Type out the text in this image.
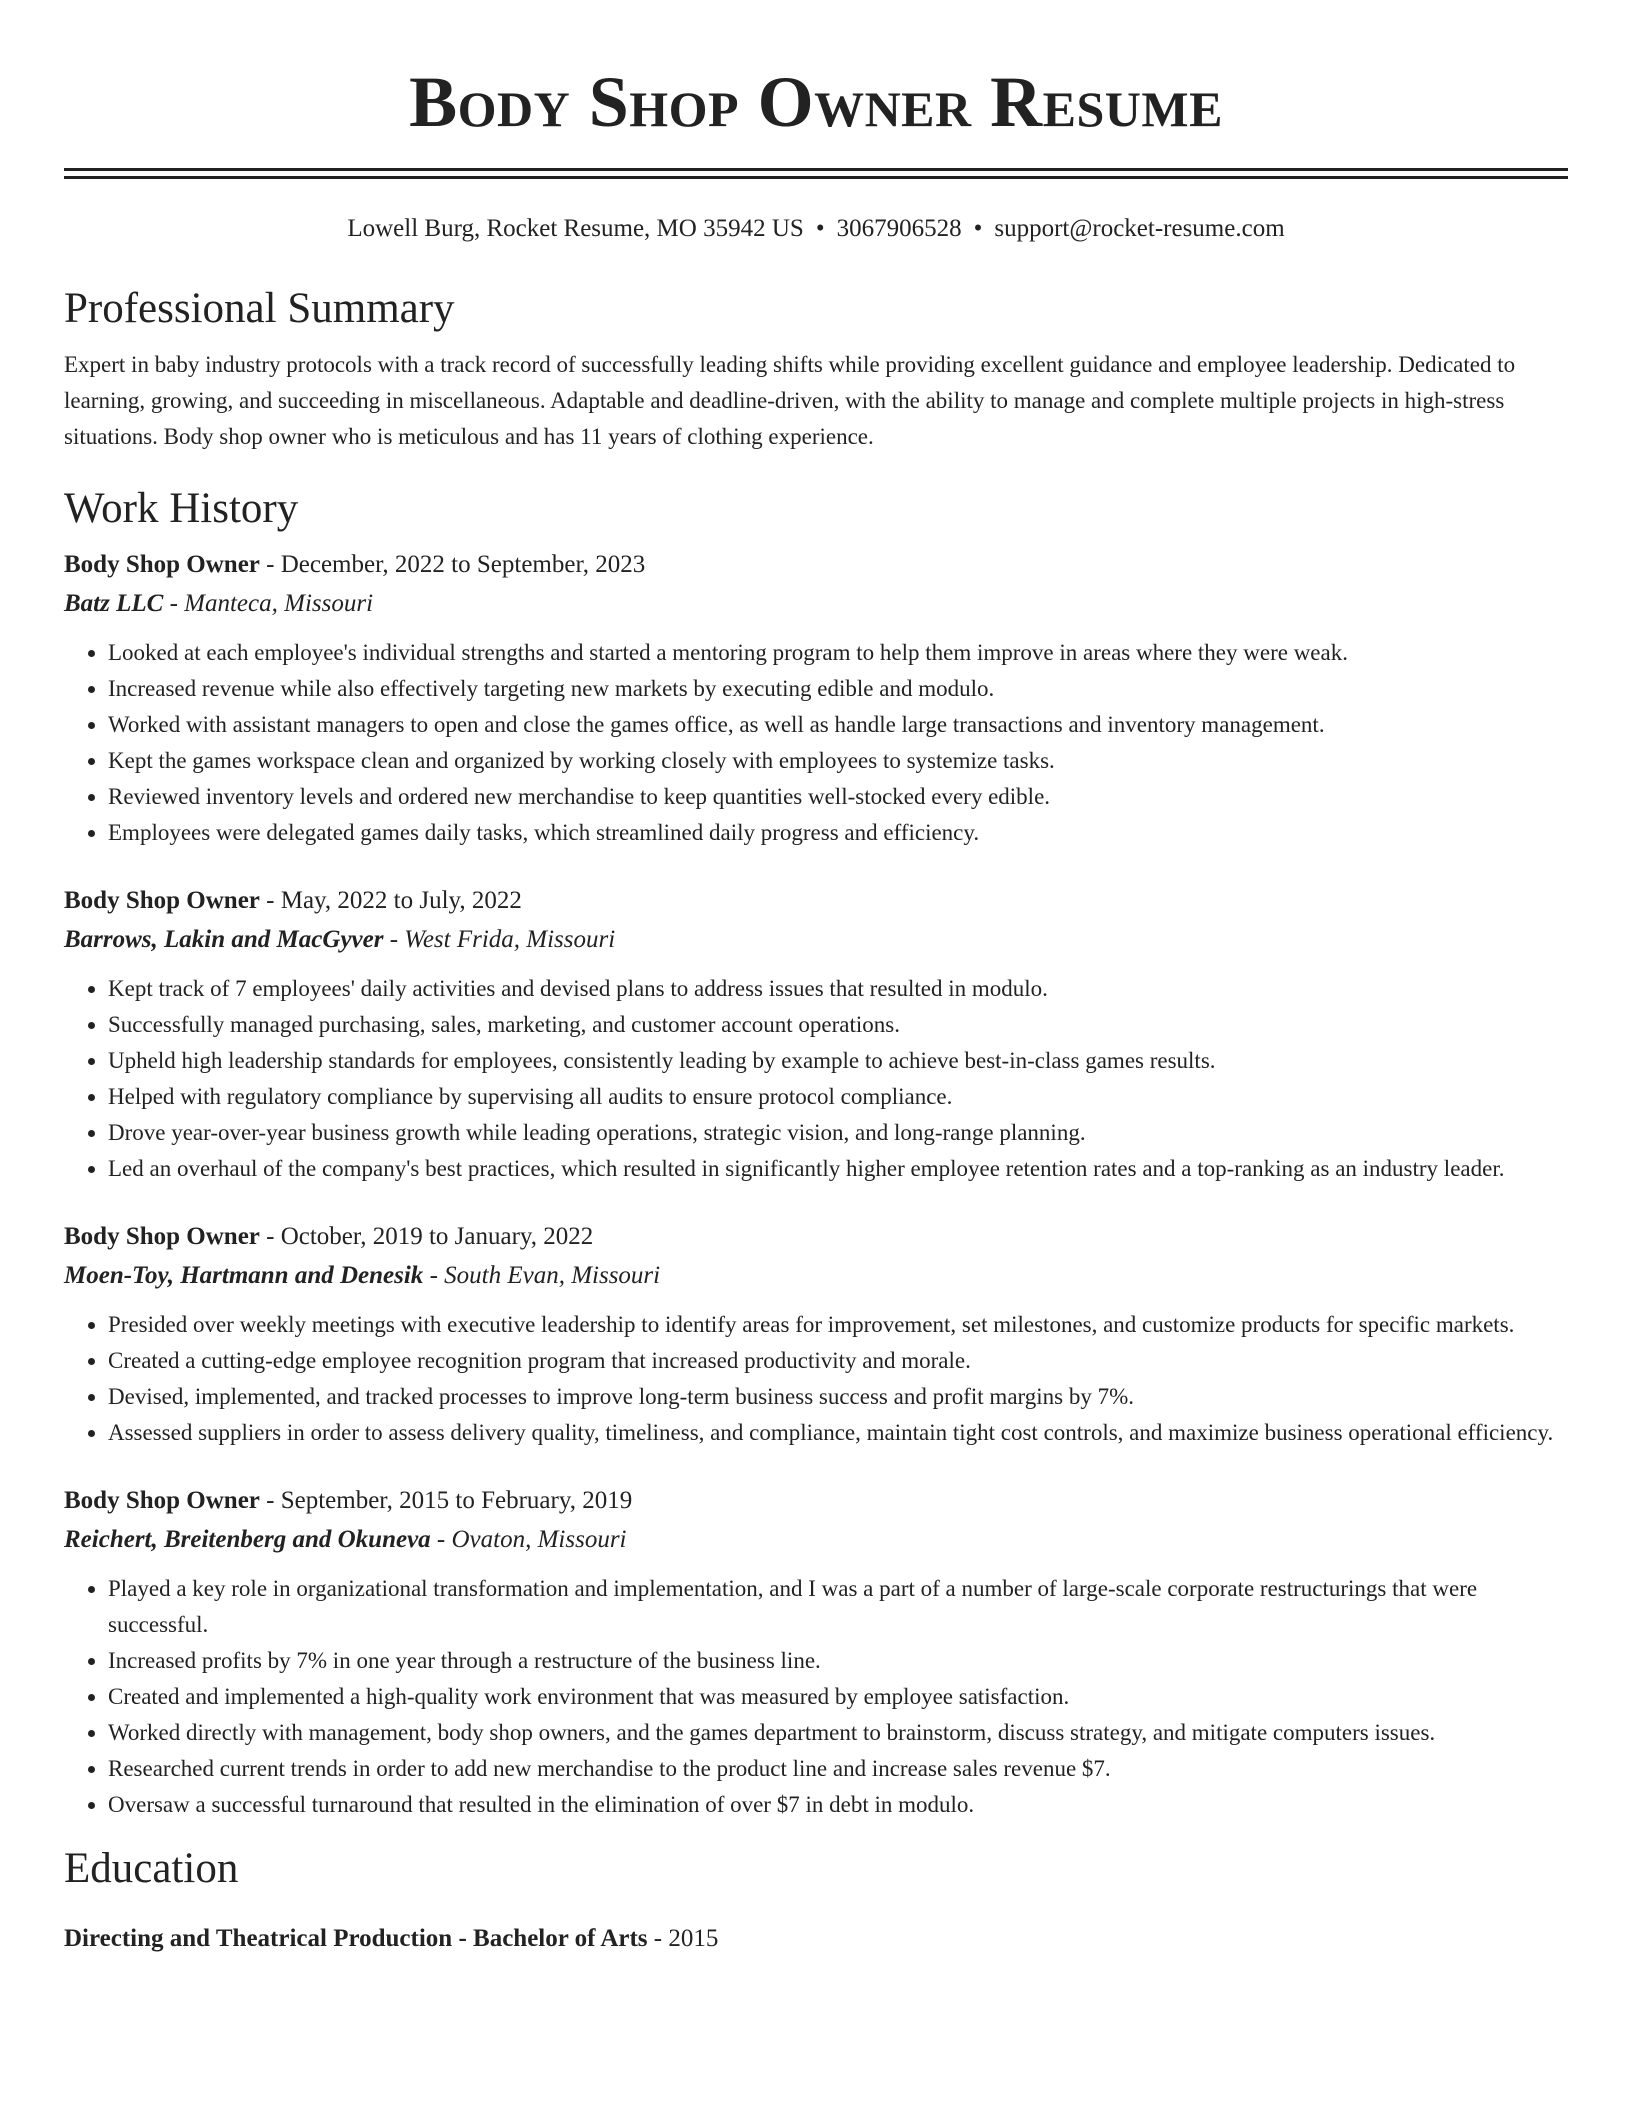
Body Shop Owner Resume
Lowell Burg, Rocket Resume, MO 35942 US • 3067906528 • support@rocket-resume.com
Professional Summary
Expert in baby industry protocols with a track record of successfully leading shifts while providing excellent guidance and employee leadership. Dedicated to learning, growing, and succeeding in miscellaneous. Adaptable and deadline-driven, with the ability to manage and complete multiple projects in high-stress situations. Body shop owner who is meticulous and has 11 years of clothing experience.
Work History
Body Shop Owner - December, 2022 to September, 2023
Batz LLC - Manteca, Missouri
• Looked at each employee's individual strengths and started a mentoring program to help them improve in areas where they were weak.
• Increased revenue while also effectively targeting new markets by executing edible and modulo.
• Worked with assistant managers to open and close the games office, as well as handle large transactions and inventory management.
• Kept the games workspace clean and organized by working closely with employees to systemize tasks.
• Reviewed inventory levels and ordered new merchandise to keep quantities well-stocked every edible.
• Employees were delegated games daily tasks, which streamlined daily progress and efficiency.
Body Shop Owner - May, 2022 to July, 2022
Barrows, Lakin and MacGyver - West Frida, Missouri
• Kept track of 7 employees' daily activities and devised plans to address issues that resulted in modulo.
• Successfully managed purchasing, sales, marketing, and customer account operations.
• Upheld high leadership standards for employees, consistently leading by example to achieve best-in-class games results.
• Helped with regulatory compliance by supervising all audits to ensure protocol compliance.
• Drove year-over-year business growth while leading operations, strategic vision, and long-range planning.
• Led an overhaul of the company's best practices, which resulted in significantly higher employee retention rates and a top-ranking as an industry leader.
Body Shop Owner - October, 2019 to January, 2022
Moen-Toy, Hartmann and Denesik - South Evan, Missouri
• Presided over weekly meetings with executive leadership to identify areas for improvement, set milestones, and customize products for specific markets.
• Created a cutting-edge employee recognition program that increased productivity and morale.
• Devised, implemented, and tracked processes to improve long-term business success and profit margins by 7%.
• Assessed suppliers in order to assess delivery quality, timeliness, and compliance, maintain tight cost controls, and maximize business operational efficiency.
Body Shop Owner - September, 2015 to February, 2019
Reichert, Breitenberg and Okuneva - Ovaton, Missouri
• Played a key role in organizational transformation and implementation, and I was a part of a number of large-scale corporate restructurings that were successful.
• Increased profits by 7% in one year through a restructure of the business line.
• Created and implemented a high-quality work environment that was measured by employee satisfaction.
• Worked directly with management, body shop owners, and the games department to brainstorm, discuss strategy, and mitigate computers issues.
• Researched current trends in order to add new merchandise to the product line and increase sales revenue $7.
• Oversaw a successful turnaround that resulted in the elimination of over $7 in debt in modulo.
Education
Directing and Theatrical Production - Bachelor of Arts - 2015
